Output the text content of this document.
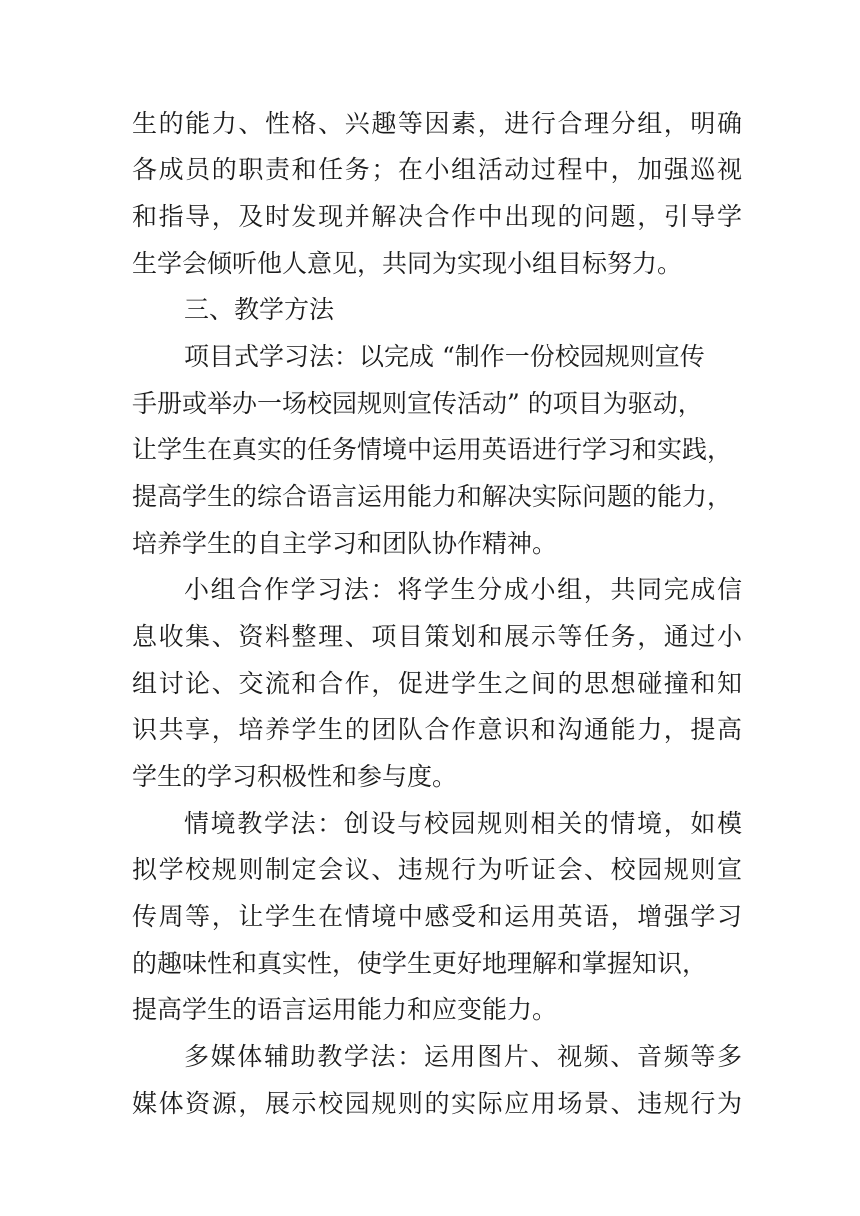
生的能力、性格、兴趣等因素，进行合理分组，明确
各成员的职责和任务；在小组活动过程中，加强巡视
和指导，及时发现并解决合作中出现的问题，引导学
生学会倾听他人意见，共同为实现小组目标努力。
三、教学方法
项目式学习法：以完成 “制作一份校园规则宣传
手册或举办一场校园规则宣传活动” 的项目为驱动，
让学生在真实的任务情境中运用英语进行学习和实践，
提高学生的综合语言运用能力和解决实际问题的能力，
培养学生的自主学习和团队协作精神。
小组合作学习法：将学生分成小组，共同完成信
息收集、资料整理、项目策划和展示等任务，通过小
组讨论、交流和合作，促进学生之间的思想碰撞和知
识共享，培养学生的团队合作意识和沟通能力，提高
学生的学习积极性和参与度。
情境教学法：创设与校园规则相关的情境，如模
拟学校规则制定会议、违规行为听证会、校园规则宣
传周等，让学生在情境中感受和运用英语，增强学习
的趣味性和真实性，使学生更好地理解和掌握知识，
提高学生的语言运用能力和应变能力。
多媒体辅助教学法：运用图片、视频、音频等多
媒体资源，展示校园规则的实际应用场景、违规行为
